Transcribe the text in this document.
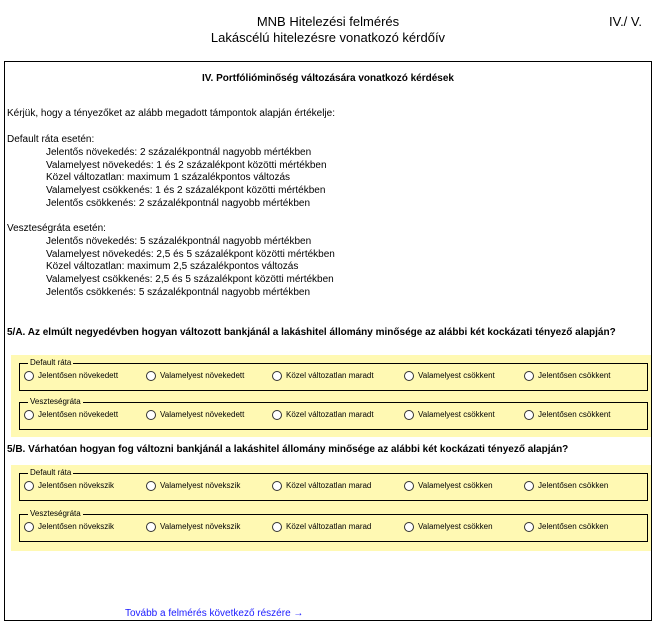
MNB Hitelezési felmérés
Lakáscélú hitelezésre vonatkozó kérdőív
IV./ V.
IV. Portfólióminőség változására vonatkozó kérdések
Kérjük, hogy a tényezőket az alább megadott támpontok alapján értékelje:
Default ráta esetén:
Jelentős növekedés: 2 százalékpontnál nagyobb mértékben
Valamelyest növekedés: 1 és 2 százalékpont közötti mértékben
Közel változatlan: maximum 1 százalékpontos változás
Valamelyest csökkenés: 1 és 2 százalékpont közötti mértékben
Jelentős csökkenés: 2 százalékpontnál nagyobb mértékben
Veszteségráta esetén:
Jelentős növekedés: 5 százalékpontnál nagyobb mértékben
Valamelyest növekedés: 2,5 és 5 százalékpont közötti mértékben
Közel változatlan: maximum 2,5 százalékpontos változás
Valamelyest csökkenés: 2,5 és 5 százalékpont közötti mértékben
Jelentős csökkenés: 5 százalékpontnál nagyobb mértékben
5/A. Az elmúlt negyedévben hogyan változott bankjánál a lakáshitel állomány minősége az alábbi két kockázati tényező alapján?
Default ráta
Jelentősen növekedett	Valamelyest növekedett	Közel változatlan maradt	Valamelyest csökkent	Jelentősen csökkent
Veszteségráta
Jelentősen növekedett	Valamelyest növekedett	Közel változatlan maradt	Valamelyest csökkent	Jelentősen csökkent
5/B. Várhatóan hogyan fog változni bankjánál a lakáshitel állomány minősége az alábbi két kockázati tényező alapján?
Default ráta
Jelentősen növekszik	Valamelyest növekszik	Közel változatlan marad	Valamelyest csökken	Jelentősen csökken
Veszteségráta
Jelentősen növekszik	Valamelyest növekszik	Közel változatlan marad	Valamelyest csökken	Jelentősen csökken
Tovább a felmérés következő részére →
